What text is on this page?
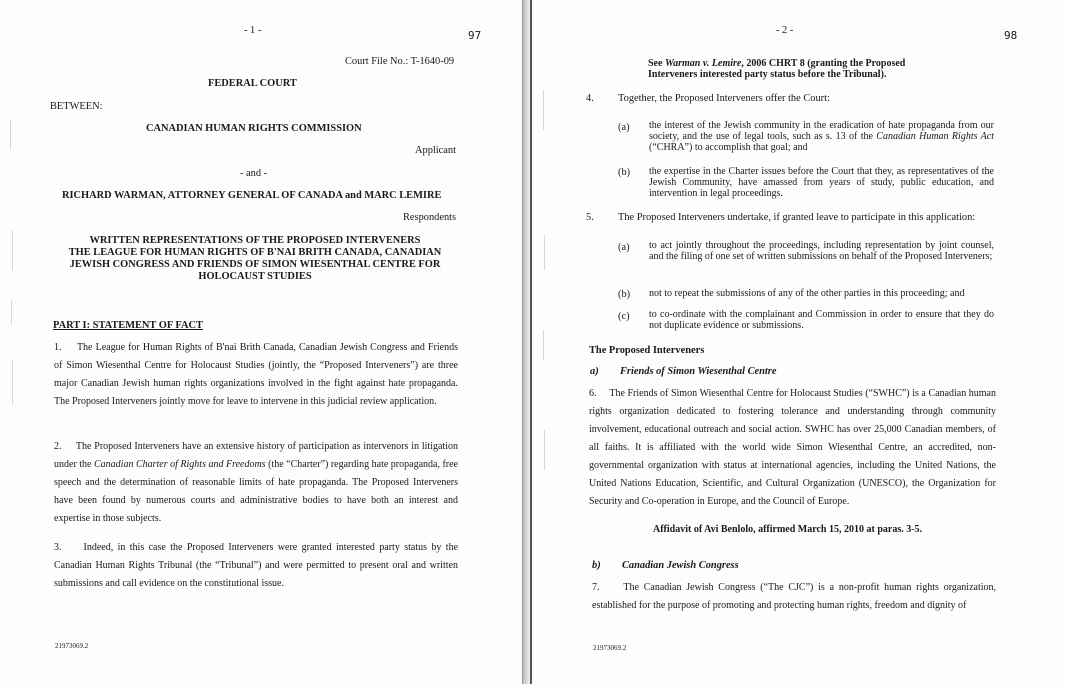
- 1 -	97
Court File No.: T-1640-09
FEDERAL COURT
BETWEEN:
CANADIAN HUMAN RIGHTS COMMISSION
Applicant
- and -
RICHARD WARMAN, ATTORNEY GENERAL OF CANADA and MARC LEMIRE
Respondents
WRITTEN REPRESENTATIONS OF THE PROPOSED INTERVENERS
THE LEAGUE FOR HUMAN RIGHTS OF B'NAI BRITH CANADA, CANADIAN
JEWISH CONGRESS AND FRIENDS OF SIMON WIESENTHAL CENTRE FOR
HOLOCAUST STUDIES
PART I: STATEMENT OF FACT
1. The League for Human Rights of B'nai Brith Canada, Canadian Jewish Congress and Friends of Simon Wiesenthal Centre for Holocaust Studies (jointly, the “Proposed Interveners”) are three major Canadian Jewish human rights organizations involved in the fight against hate propaganda. The Proposed Interveners jointly move for leave to intervene in this judicial review application.
2. The Proposed Interveners have an extensive history of participation as intervenors in litigation under the Canadian Charter of Rights and Freedoms (the “Charter”) regarding hate propaganda, free speech and the determination of reasonable limits of hate propaganda. The Proposed Interveners have been found by numerous courts and administrative bodies to have both an interest and expertise in those subjects.
3. Indeed, in this case the Proposed Interveners were granted interested party status by the Canadian Human Rights Tribunal (the “Tribunal”) and were permitted to present oral and written submissions and call evidence on the constitutional issue.
21973069.2
- 2 -	98
See Warman v. Lemire, 2006 CHRT 8 (granting the Proposed Interveners interested party status before the Tribunal).
4. Together, the Proposed Interveners offer the Court:
(a) the interest of the Jewish community in the eradication of hate propaganda from our society, and the use of legal tools, such as s. 13 of the Canadian Human Rights Act (“CHRA”) to accomplish that goal; and
(b) the expertise in the Charter issues before the Court that they, as representatives of the Jewish Community, have amassed from years of study, public education, and intervention in legal proceedings.
5. The Proposed Interveners undertake, if granted leave to participate in this application:
(a) to act jointly throughout the proceedings, including representation by joint counsel, and the filing of one set of written submissions on behalf of the Proposed Interveners;
(b) not to repeat the submissions of any of the other parties in this proceeding; and
(c) to co-ordinate with the complainant and Commission in order to ensure that they do not duplicate evidence or submissions.
The Proposed Interveners
a) Friends of Simon Wiesenthal Centre
6. The Friends of Simon Wiesenthal Centre for Holocaust Studies (“SWHC”) is a Canadian human rights organization dedicated to fostering tolerance and understanding through community involvement, educational outreach and social action. SWHC has over 25,000 Canadian members, of all faiths. It is affiliated with the world wide Simon Wiesenthal Centre, an accredited, non-governmental organization with status at international agencies, including the United Nations, the United Nations Education, Scientific, and Cultural Organization (UNESCO), the Organization for Security and Co-operation in Europe, and the Council of Europe.
Affidavit of Avi Benlolo, affirmed March 15, 2010 at paras. 3-5.
b) Canadian Jewish Congress
7. The Canadian Jewish Congress (“The CJC”) is a non-profit human rights organization, established for the purpose of promoting and protecting human rights, freedom and dignity of
21973069.2
